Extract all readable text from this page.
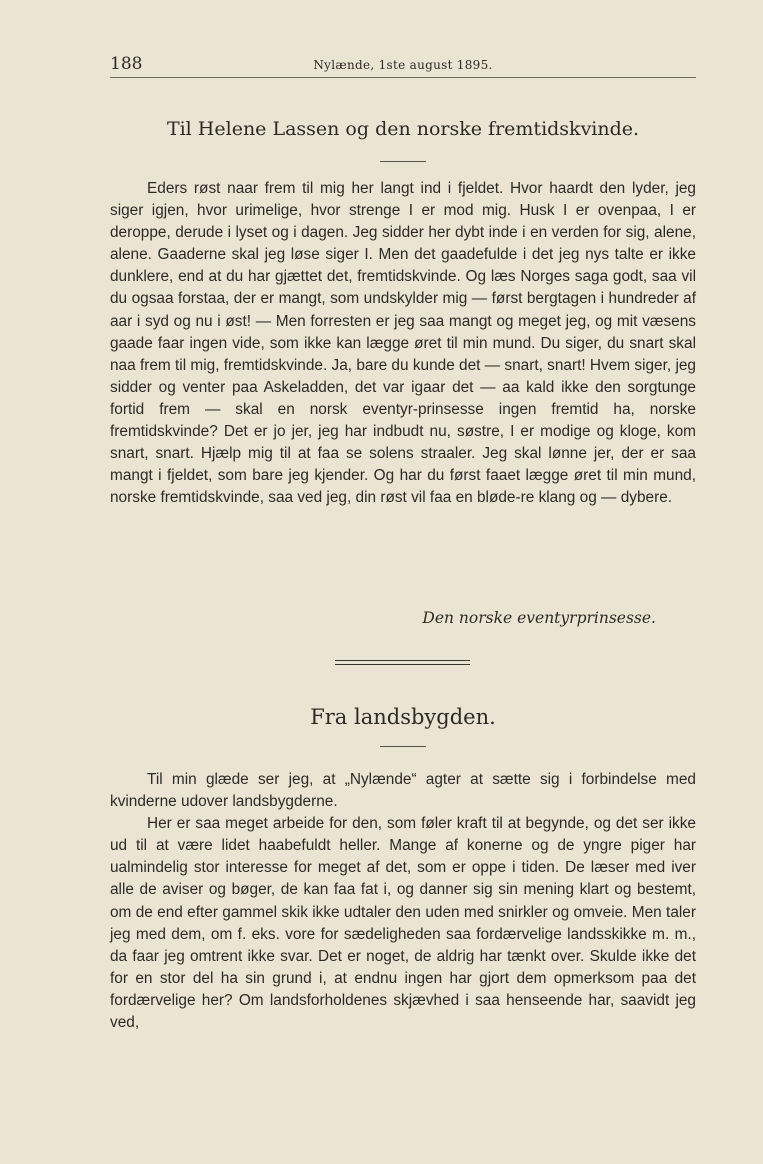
188	Nylænde, 1ste august 1895.
Til Helene Lassen og den norske fremtidskvinde.

Eders røst naar frem til mig her langt ind i fjeldet. Hvor haardt den lyder, jeg siger igjen, hvor urimelige, hvor strenge I er mod mig. Husk I er ovenpaa, I er deroppe, derude i lyset og i dagen. Jeg sidder her dybt inde i en verden for sig, alene, alene. Gaaderne skal jeg løse siger I. Men det gaadefulde i det jeg nys talte er ikke dunklere, end at du har gjættet det, fremtidskvinde. Og læs Norges saga godt, saa vil du ogsaa forstaa, der er mangt, som undskylder mig — først bergtagen i hundreder af aar i syd og nu i øst! — Men forresten er jeg saa mangt og meget jeg, og mit væsens gaade faar ingen vide, som ikke kan lægge øret til min mund. Du siger, du snart skal naa frem til mig, fremtidskvinde. Ja, bare du kunde det — snart, snart! Hvem siger, jeg sidder og venter paa Askeladden, det var igaar det — aa kald ikke den sorgtunge fortid frem — skal en norsk eventyr-prinsesse ingen fremtid ha, norske fremtidskvinde? Det er jo jer, jeg har indbudt nu, søstre, I er modige og kloge, kom snart, snart. Hjælp mig til at faa se solens straaler. Jeg skal lønne jer, der er saa mangt i fjeldet, som bare jeg kjender. Og har du først faaet lægge øret til min mund, norske fremtidskvinde, saa ved jeg, din røst vil faa en bløde-re klang og — dybere.

Den norske eventyrprinsesse.
Fra landsbygden.

Til min glæde ser jeg, at „Nylænde“ agter at sætte sig i forbindelse med kvinderne udover landsbygderne.

Her er saa meget arbeide for den, som føler kraft til at begynde, og det ser ikke ud til at være lidet haabefuldt heller. Mange af konerne og de yngre piger har ualmindelig stor interesse for meget af det, som er oppe i tiden. De læser med iver alle de aviser og bøger, de kan faa fat i, og danner sig sin mening klart og bestemt, om de end efter gammel skik ikke udtaler den uden med snirkler og omveie. Men taler jeg med dem, om f. eks. vore for sædeligheden saa fordærvelige landsskikke m. m., da faar jeg omtrent ikke svar. Det er noget, de aldrig har tænkt over. Skulde ikke det for en stor del ha sin grund i, at endnu ingen har gjort dem opmerksom paa det fordærvelige her? Om landsforholdenes skjævhed i saa henseende har, saavidt jeg ved,
